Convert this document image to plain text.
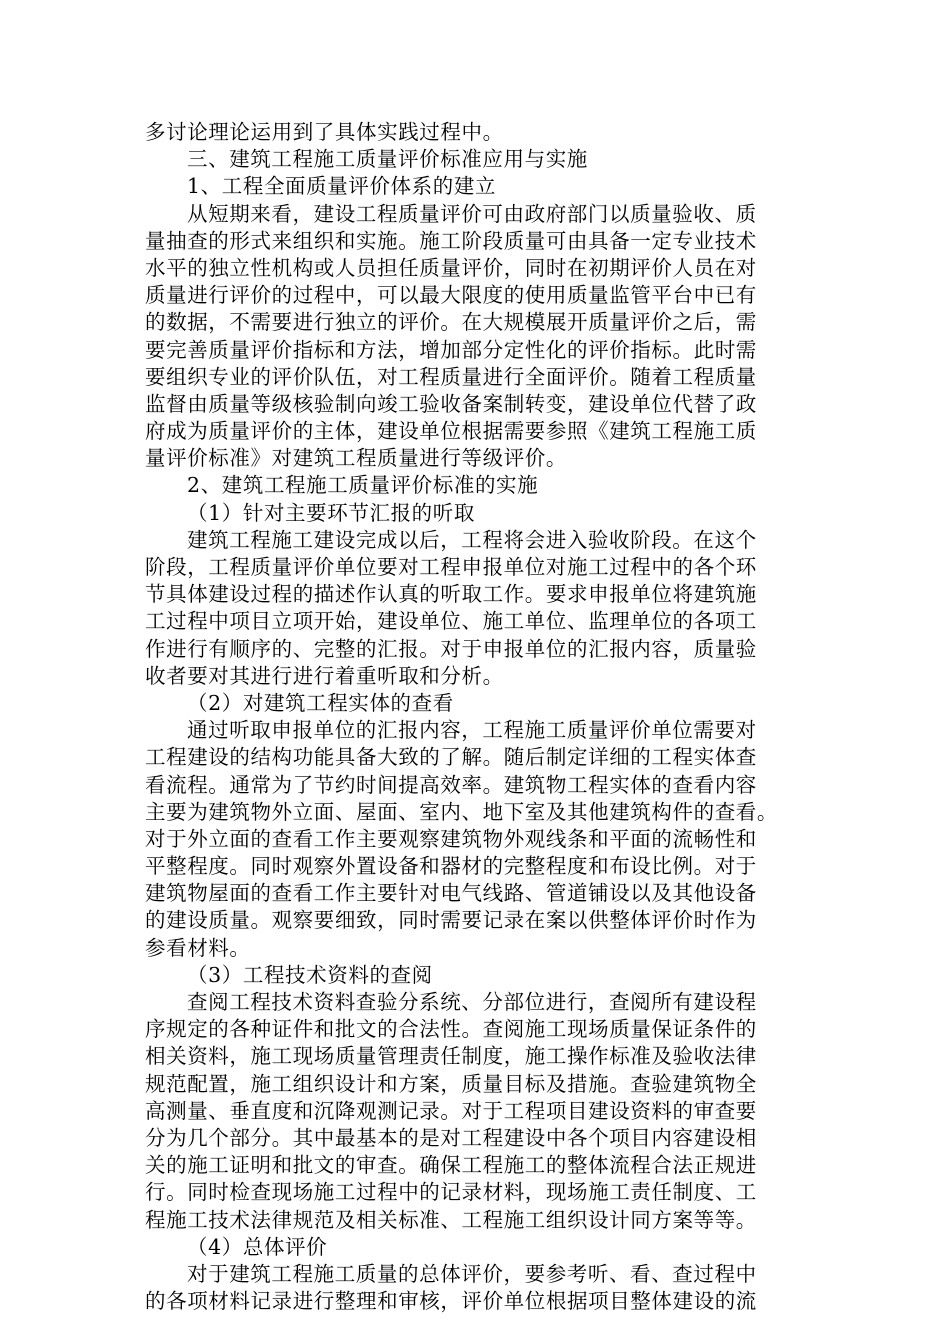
多讨论理论运用到了具体实践过程中。
三、建筑工程施工质量评价标准应用与实施
1、工程全面质量评价体系的建立
从短期来看，建设工程质量评价可由政府部门以质量验收、质
量抽查的形式来组织和实施。施工阶段质量可由具备一定专业技术
水平的独立性机构或人员担任质量评价，同时在初期评价人员在对
质量进行评价的过程中，可以最大限度的使用质量监管平台中已有
的数据，不需要进行独立的评价。在大规模展开质量评价之后，需
要完善质量评价指标和方法，增加部分定性化的评价指标。此时需
要组织专业的评价队伍，对工程质量进行全面评价。随着工程质量
监督由质量等级核验制向竣工验收备案制转变，建设单位代替了政
府成为质量评价的主体，建设单位根据需要参照《建筑工程施工质
量评价标准》对建筑工程质量进行等级评价。
2、建筑工程施工质量评价标准的实施
（1）针对主要环节汇报的听取
建筑工程施工建设完成以后，工程将会进入验收阶段。在这个
阶段，工程质量评价单位要对工程申报单位对施工过程中的各个环
节具体建设过程的描述作认真的听取工作。要求申报单位将建筑施
工过程中项目立项开始，建设单位、施工单位、监理单位的各项工
作进行有顺序的、完整的汇报。对于申报单位的汇报内容，质量验
收者要对其进行进行着重听取和分析。
（2）对建筑工程实体的查看
通过听取申报单位的汇报内容，工程施工质量评价单位需要对
工程建设的结构功能具备大致的了解。随后制定详细的工程实体查
看流程。通常为了节约时间提高效率。建筑物工程实体的查看内容
主要为建筑物外立面、屋面、室内、地下室及其他建筑构件的查看。
对于外立面的查看工作主要观察建筑物外观线条和平面的流畅性和
平整程度。同时观察外置设备和器材的完整程度和布设比例。对于
建筑物屋面的查看工作主要针对电气线路、管道铺设以及其他设备
的建设质量。观察要细致，同时需要记录在案以供整体评价时作为
参看材料。
（3）工程技术资料的查阅
查阅工程技术资料查验分系统、分部位进行，查阅所有建设程
序规定的各种证件和批文的合法性。查阅施工现场质量保证条件的
相关资料，施工现场质量管理责任制度，施工操作标准及验收法律
规范配置，施工组织设计和方案，质量目标及措施。查验建筑物全
高测量、垂直度和沉降观测记录。对于工程项目建设资料的审查要
分为几个部分。其中最基本的是对工程建设中各个项目内容建设相
关的施工证明和批文的审查。确保工程施工的整体流程合法正规进
行。同时检查现场施工过程中的记录材料，现场施工责任制度、工
程施工技术法律规范及相关标准、工程施工组织设计同方案等等。
（4）总体评价
对于建筑工程施工质量的总体评价，要参考听、看、查过程中
的各项材料记录进行整理和审核，评价单位根据项目整体建设的流
